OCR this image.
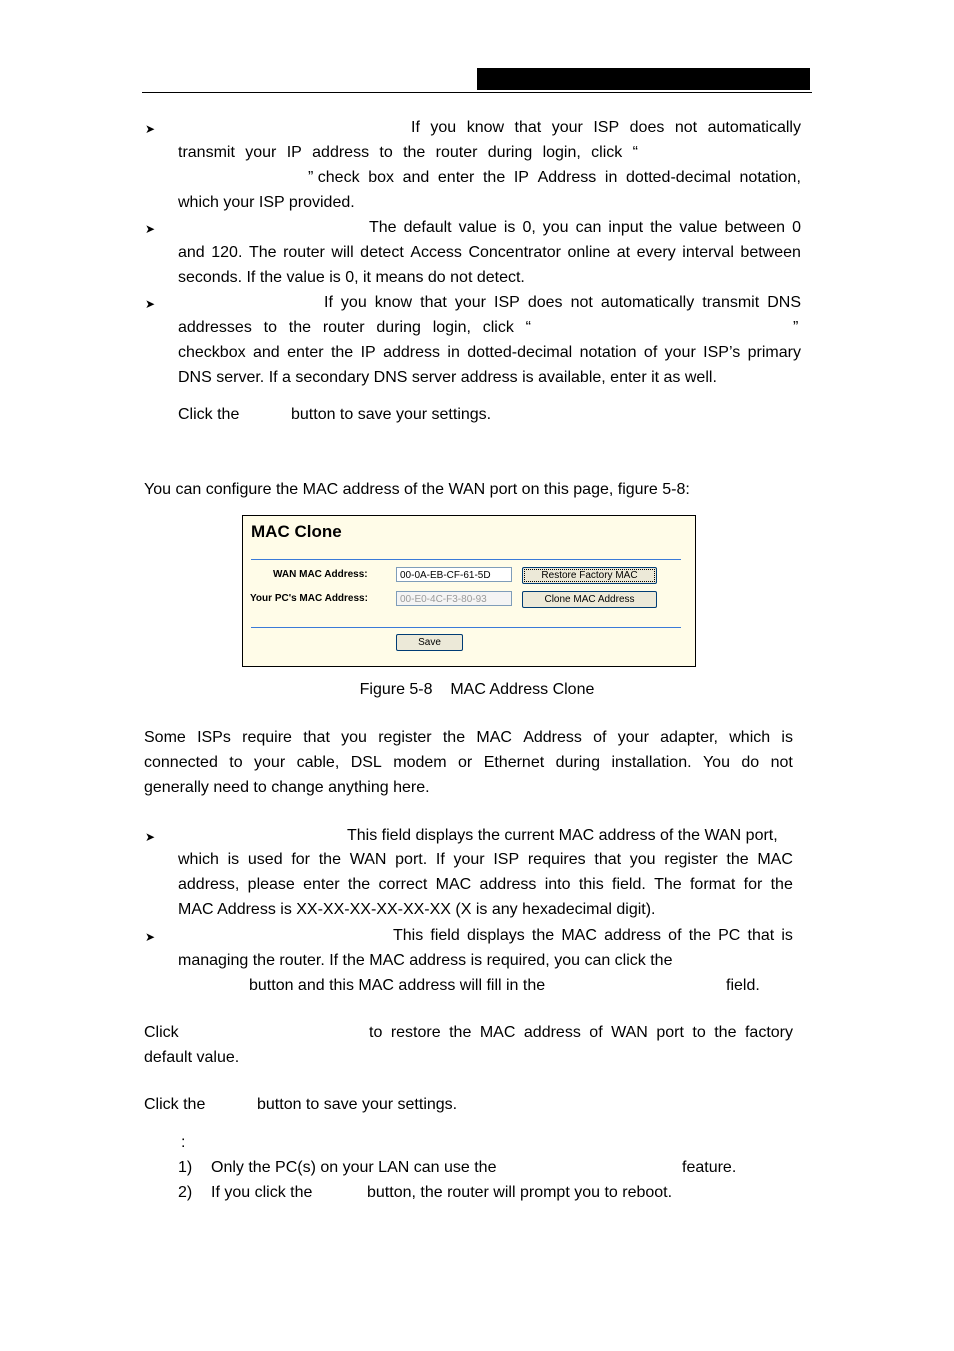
➤	If you know that your ISP does not automatically
transmit your IP address to the router during login, click “
” check box and enter the IP Address in dotted-decimal notation,
which your ISP provided.
➤	The default value is 0, you can input the value between 0
and 120. The router will detect Access Concentrator online at every interval between
seconds. If the value is 0, it means do not detect.
➤	If you know that your ISP does not automatically transmit DNS
addresses to the router during login, click “	”
checkbox and enter the IP address in dotted-decimal notation of your ISP’s primary
DNS server. If a secondary DNS server address is available, enter it as well.
Click the	button to save your settings.
You can configure the MAC address of the WAN port on this page, figure 5-8:
MAC Clone
WAN MAC Address:	00-0A-EB-CF-61-5D	Restore Factory MAC
Your PC's MAC Address:	00-E0-4C-F3-80-93	Clone MAC Address
Save
Figure 5-8    MAC Address Clone
Some ISPs require that you register the MAC Address of your adapter, which is
connected to your cable, DSL modem or Ethernet during installation. You do not
generally need to change anything here.
➤	This field displays the current MAC address of the WAN port,
which is used for the WAN port. If your ISP requires that you register the MAC
address, please enter the correct MAC address into this field. The format for the
MAC Address is XX-XX-XX-XX-XX-XX (X is any hexadecimal digit).
➤	This field displays the MAC address of the PC that is
managing the router. If the MAC address is required, you can click the
button and this MAC address will fill in the	field.
Click	to restore the MAC address of WAN port to the factory
default value.
Click the	button to save your settings.
:
1) Only the PC(s) on your LAN can use the	feature.
2) If you click the	button, the router will prompt you to reboot.
